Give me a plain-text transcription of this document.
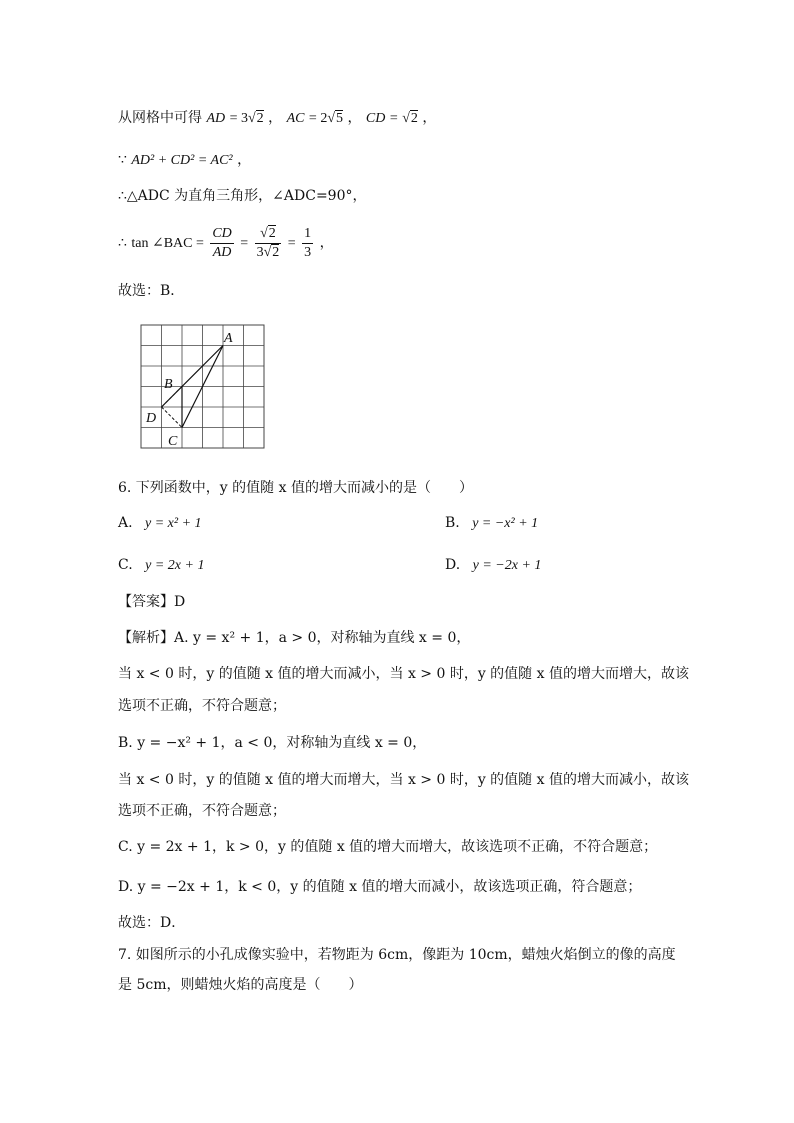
从网格中可得 AD = 3√2 ， AC = 2√5 ， CD = √2 ，
∵ AD² + CD² = AC² ，
∴△ADC 为直角三角形，∠ADC=90°，
∴ tan ∠BAC = $\frac{CD}{AD} = \frac{√2}{3√2} = \frac{1}{3}$ ，
故选：B．
A
B
D
C
6. 下列函数中，y 的值随 x 值的增大而减小的是（　　）
A. y = x² + 1	B. y = −x² + 1
C. y = 2x + 1	D. y = −2x + 1
【答案】D
【解析】A. y = x² + 1，a > 0，对称轴为直线 x = 0，
当 x < 0 时，y 的值随 x 值的增大而减小，当 x > 0 时，y 的值随 x 值的增大而增大，故该
选项不正确，不符合题意；
B. y = −x² + 1，a < 0，对称轴为直线 x = 0，
当 x < 0 时，y 的值随 x 值的增大而增大，当 x > 0 时，y 的值随 x 值的增大而减小，故该
选项不正确，不符合题意；
C. y = 2x + 1，k > 0，y 的值随 x 值的增大而增大，故该选项不正确，不符合题意；
D. y = −2x + 1，k < 0，y 的值随 x 值的增大而减小，故该选项正确，符合题意；
故选：D．
7. 如图所示的小孔成像实验中，若物距为 6cm，像距为 10cm，蜡烛火焰倒立的像的高度
是 5cm，则蜡烛火焰的高度是（　　）
